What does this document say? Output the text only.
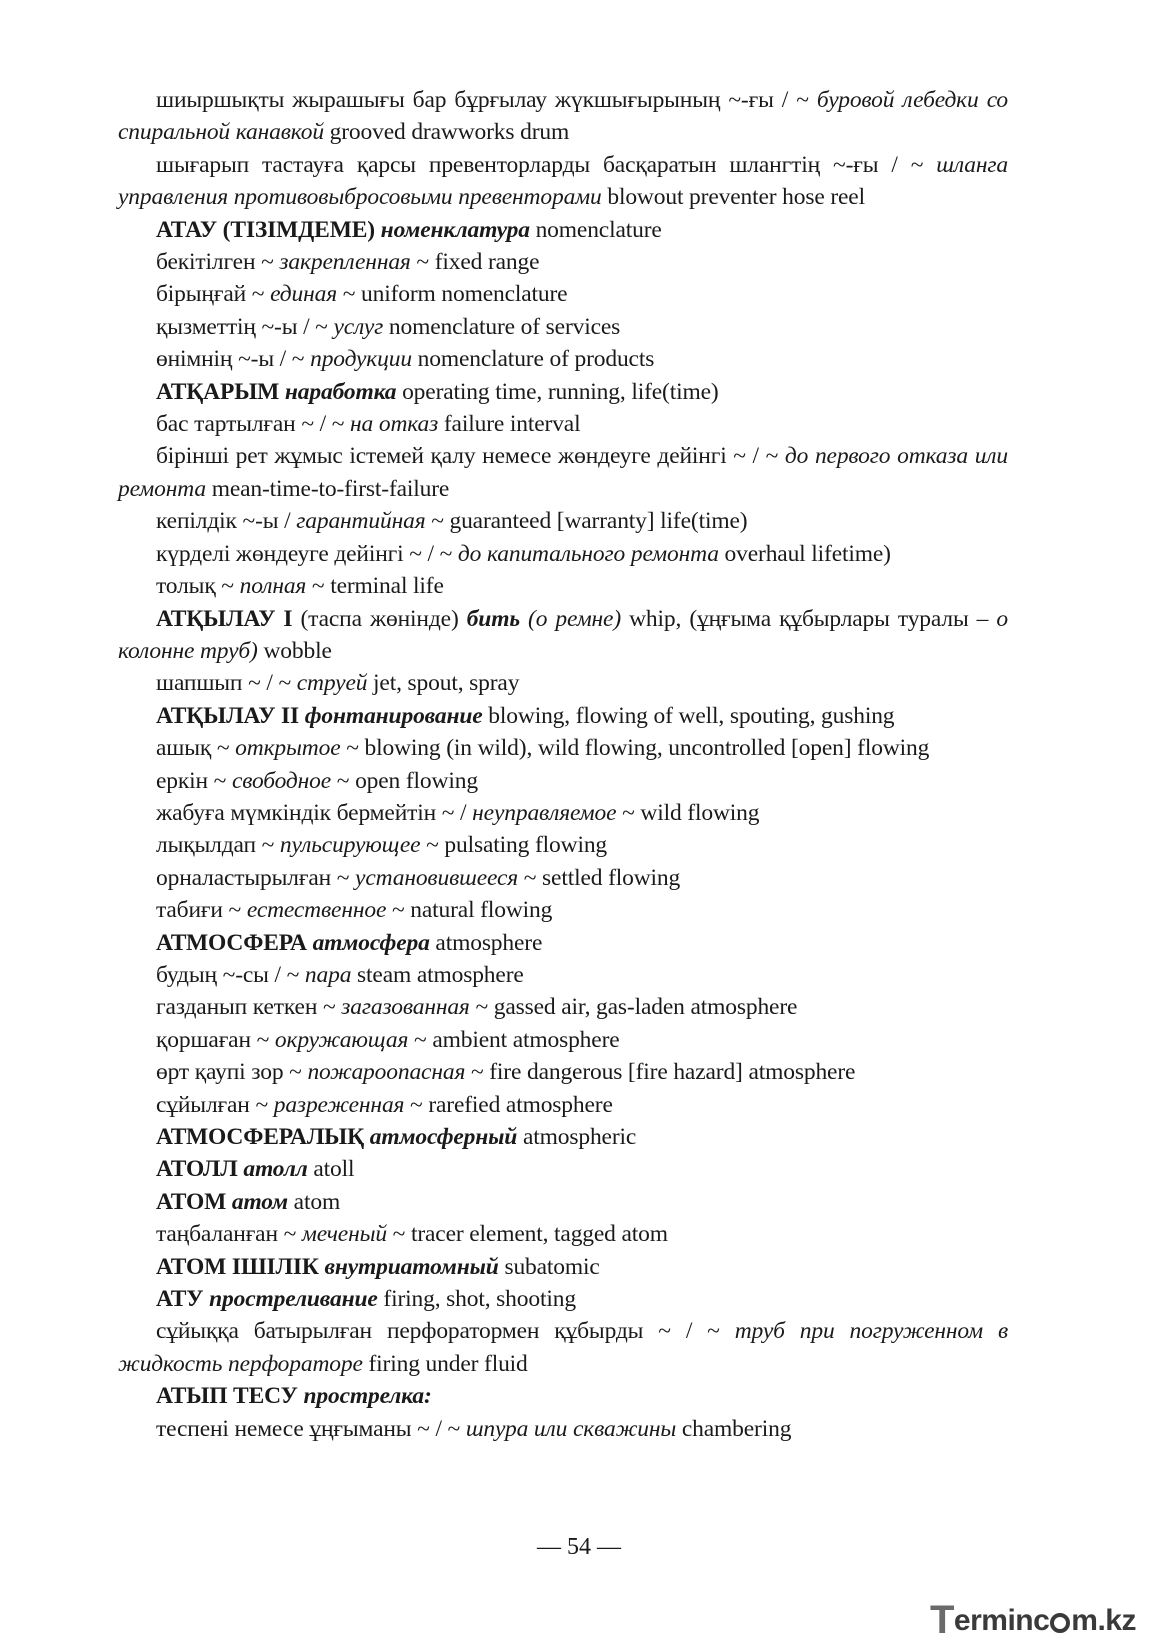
шиыршықты жырашығы бар бұрғылау жүкшығырының ~-ғы / ~ буровой лебедки со спиральной канавкой grooved drawworks drum

шығарып тастауға қарсы превенторларды басқаратын шлангтің ~-ғы / ~ шланга управления противовыбросовыми превенторами blowout preventer hose reel

АТАУ (ТІЗІМДЕМЕ) номенклатура nomenclature

бекітілген ~ закрепленная ~ fixed range

бірыңғай ~ единая ~ uniform nomenclature

қызметтің ~-ы / ~ услуг nomenclature of services

өнімнің ~-ы / ~ продукции nomenclature of products

АТҚАРЫМ наработка operating time, running, life(time)

бас тартылған ~ / ~ на отказ failure interval

бірінші рет жұмыс істемей қалу немесе жөндеуге дейінгі ~ / ~ до первого отказа или ремонта mean-time-to-first-failure

кепілдік ~-ы / гарантийная ~ guaranteed [warranty] life(time)

күрделі жөндеуге дейінгі ~ / ~ до капитального ремонта overhaul lifetime)

толық ~ полная ~ terminal life

АТҚЫЛАУ I (таспа жөнінде) бить (о ремне) whip, (ұңғыма құбырлары туралы – о колонне труб) wobble

шапшып ~ / ~ струей jet, spout, spray

АТҚЫЛАУ II фонтанирование blowing, flowing of well, spouting, gushing

ашық ~ открытое ~ blowing (in wild), wild flowing, uncontrolled [open] flowing

еркін ~ свободное ~ open flowing

жабуға мүмкіндік бермейтін ~ / неуправляемое ~ wild flowing

лықылдап ~ пульсирующее ~ pulsating flowing

орналастырылған ~ установившееся ~ settled flowing

табиғи ~ естественное ~ natural flowing

АТМОСФЕРА атмосфера atmosphere

будың ~-сы / ~ пара steam atmosphere

газданып кеткен ~ загазованная ~ gassed air, gas-laden atmosphere

қоршаған ~ окружающая ~ ambient atmosphere

өрт қаупі зор ~ пожароопасная ~ fire dangerous [fire hazard] atmosphere

сұйылған ~ разреженная ~ rarefied atmosphere

АТМОСФЕРАЛЫҚ атмосферный atmospheric

АТОЛЛ атолл atoll

АТОМ атом atom

таңбаланған ~ меченый ~ tracer element, tagged atom

АТОМ ІШІЛІК внутриатомный subatomic

АТУ простреливание firing, shot, shooting

сұйыққа батырылған перфоратормен құбырды ~ / ~ труб при погруженном в жидкость перфораторе firing under fluid

АТЫП ТЕСУ прострелка:

теспені немесе ұңғыманы ~ / ~ шпура или скважины chambering

— 54 —
Terminc m.kz
